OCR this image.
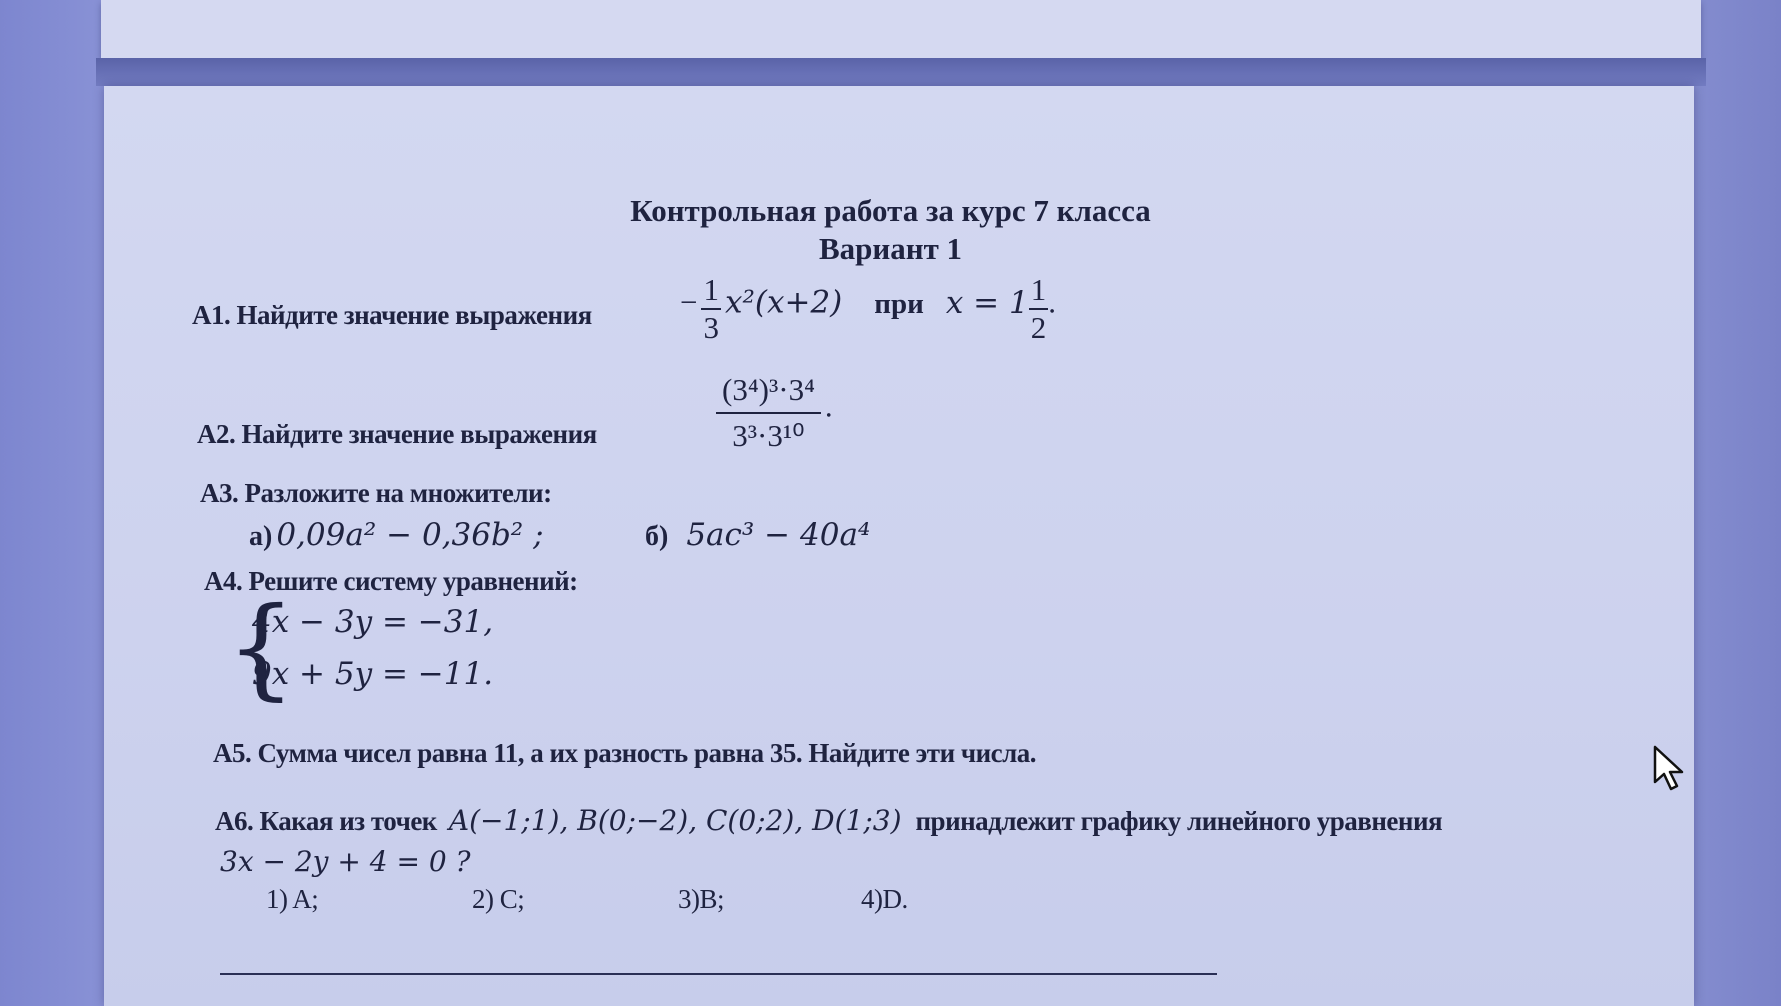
Контрольная работа за курс 7 класса
Вариант 1
А1. Найдите значение выражения	− $\frac{1}{3} x^2(x+2)$ при $x = 1 \frac{1}{2}$ .
А2. Найдите значение выражения	$\frac{\text{(3⁴)³·3⁴}}{\text{3³·3¹⁰}}$ .
А3. Разложите на множители:
а) 0,09a² − 0,36b² ;	б) 5ac³ − 40a⁴
А4. Решите систему уравнений:
{
4x − 3y = −31,
9x + 5y = −11.
А5. Сумма чисел равна 11, а их разность равна 35. Найдите эти числа.
А6. Какая из точек A(−1;1), B(0;−2), C(0;2), D(1;3) принадлежит графику линейного уравнения
3x − 2y + 4 = 0 ?
1) A;	2) C;	3)B;	4)D.
